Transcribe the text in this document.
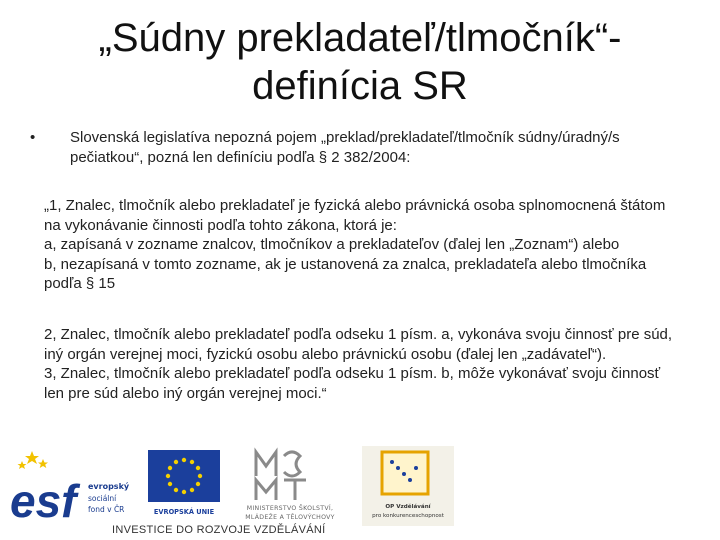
„Súdny prekladateľ/tlmočník“-
definícia SR
•	Slovenská legislatíva nepozná pojem „preklad/prekladateľ/tlmočník súdny/úradný/s pečiatkou“, pozná len definíciu podľa § 2 382/2004:

„1, Znalec, tlmočník alebo prekladateľ je fyzická alebo právnická osoba splnomocnená štátom na vykonávanie činnosti podľa tohto zákona, ktorá je:

a, zapísaná v zozname znalcov, tlmočníkov a prekladateľov (ďalej len „Zoznam“) alebo

b, nezapísaná v tomto zozname, ak je ustanovená za znalca, prekladateľa alebo tlmočníka podľa § 15

2, Znalec, tlmočník alebo prekladateľ podľa odseku 1 písm. a, vykonáva svoju činnosť pre súd, iný orgán verejnej moci, fyzickú osobu alebo právnickú osobu (ďalej len „zadávateľ“).

3, Znalec, tlmočník alebo prekladateľ podľa odseku 1 písm. b, môže vykonávať svoju činnosť len pre súd alebo iný orgán verejnej moci.“

esf	evropský
sociální
fond v ČR	EVROPSKÁ UNIE	MINISTERSTVO ŠKOLSTVÍ,
MLÁDEŽE A TĚLOVÝCHOVY
OP Vzdělávání
pro konkurenceschopnost
INVESTICE DO ROZVOJE VZDĚLÁVÁNÍ
